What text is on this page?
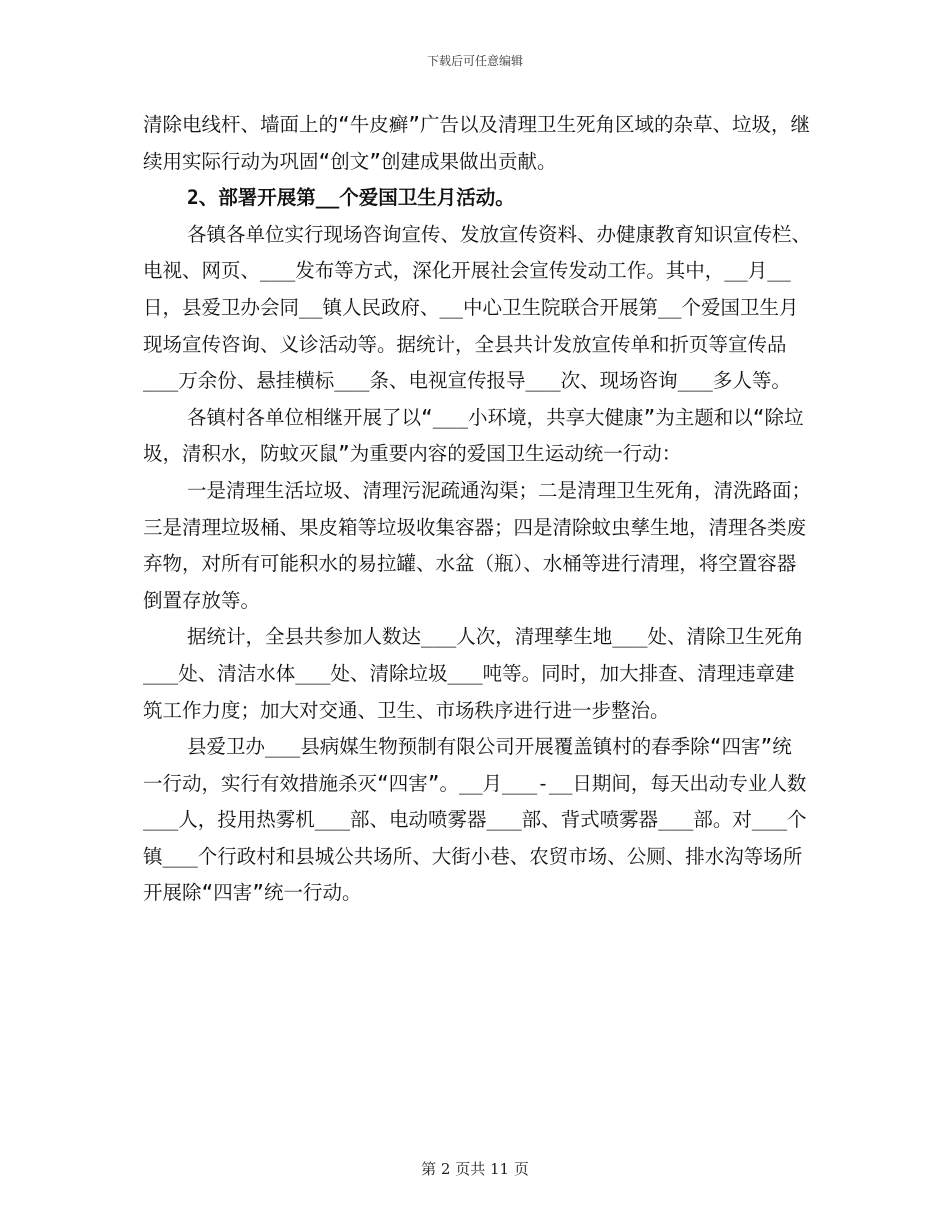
下载后可任意编辑

清除电线杆、墙面上的“牛皮癣”广告以及清理卫生死角区域的杂草、垃圾，继续用实际行动为巩固“创文”创建成果做出贡献。

2、部署开展第__个爱国卫生月活动。

各镇各单位实行现场咨询宣传、发放宣传资料、办健康教育知识宣传栏、电视、网页、___发布等方式，深化开展社会宣传发动工作。其中，__月__日，县爱卫办会同__镇人民政府、__中心卫生院联合开展第__个爱国卫生月现场宣传咨询、义诊活动等。据统计，全县共计发放宣传单和折页等宣传品___万余份、悬挂横标___条、电视宣传报导___次、现场咨询___多人等。

各镇村各单位相继开展了以“___小环境，共享大健康”为主题和以“除垃圾，清积水，防蚊灭鼠”为重要内容的爱国卫生运动统一行动：

一是清理生活垃圾、清理污泥疏通沟渠；二是清理卫生死角，清洗路面；三是清理垃圾桶、果皮箱等垃圾收集容器；四是清除蚊虫孳生地，清理各类废弃物，对所有可能积水的易拉罐、水盆（瓶）、水桶等进行清理，将空置容器倒置存放等。

据统计，全县共参加人数达___人次，清理孳生地___处、清除卫生死角___处、清洁水体___处、清除垃圾___吨等。同时，加大排查、清理违章建筑工作力度；加大对交通、卫生、市场秩序进行进一步整治。

县爱卫办___县病媒生物预制有限公司开展覆盖镇村的春季除“四害”统一行动，实行有效措施杀灭“四害”。__月___-__日期间，每天出动专业人数___人，投用热雾机___部、电动喷雾器___部、背式喷雾器___部。对___个镇___个行政村和县城公共场所、大街小巷、农贸市场、公厕、排水沟等场所开展除“四害”统一行动。

第 2 页共 11 页
